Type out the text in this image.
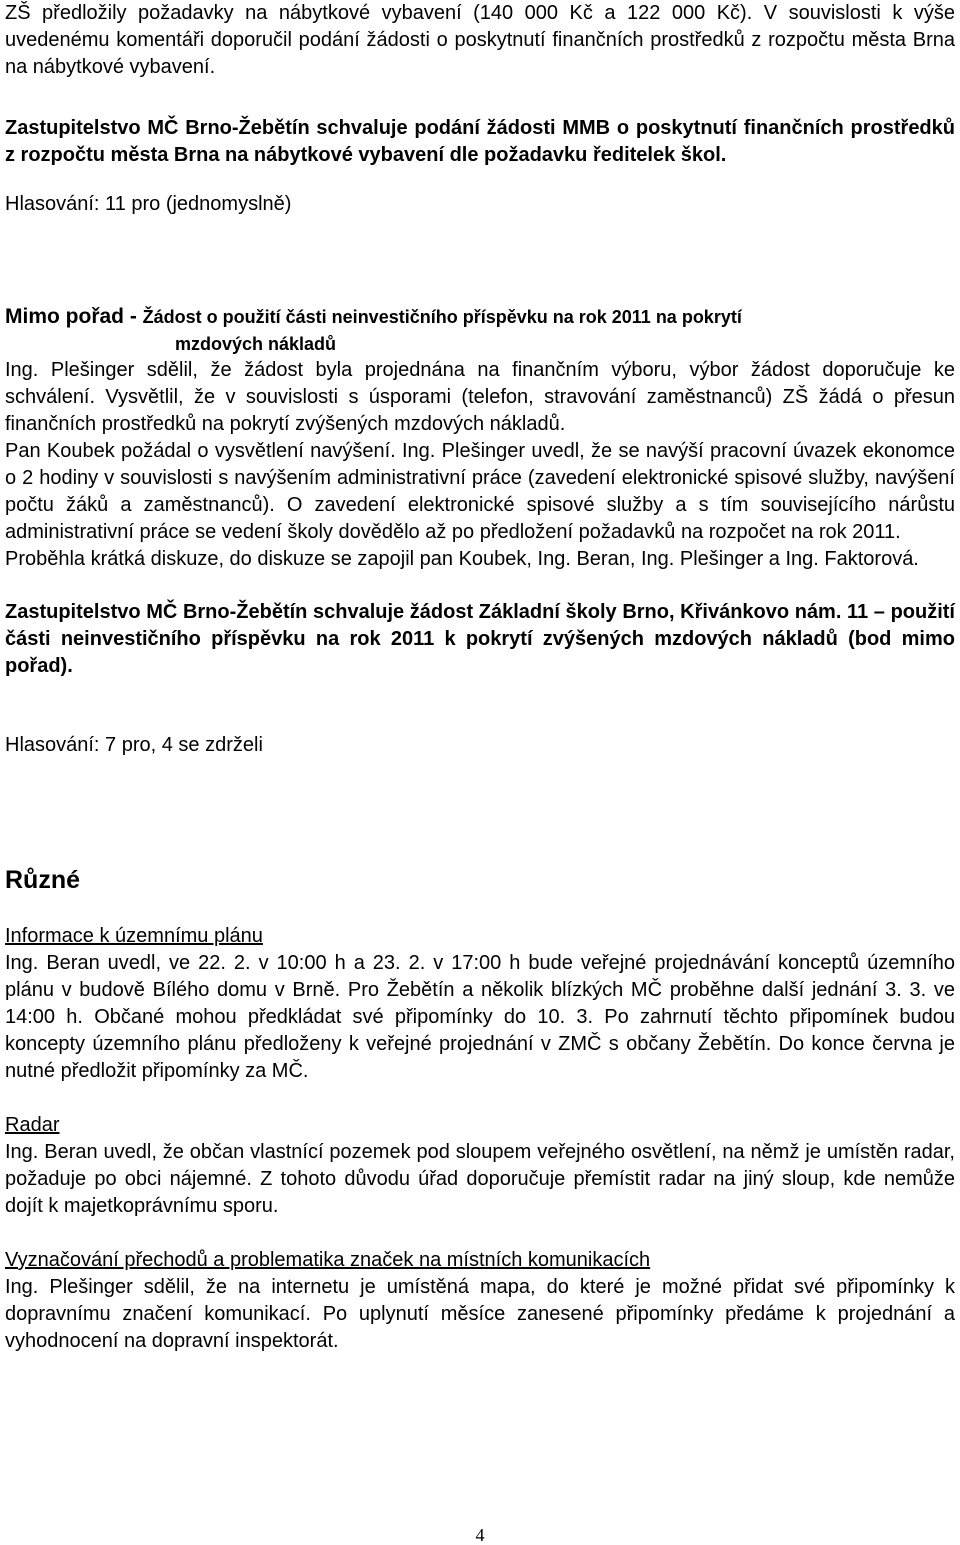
ZŠ předložily požadavky na nábytkové vybavení (140 000 Kč a 122 000 Kč). V souvislosti k výše uvedenému komentáři doporučil podání žádosti o poskytnutí finančních prostředků z rozpočtu města Brna na nábytkové vybavení.

Zastupitelstvo MČ Brno-Žebětín schvaluje podání žádosti MMB o poskytnutí finančních prostředků z rozpočtu města Brna na nábytkové vybavení dle požadavku ředitelek škol.

Hlasování: 11 pro (jednomyslně)

Mimo pořad - Žádost o použití části neinvestičního příspěvku na rok 2011 na pokrytí
mzdových nákladů

Ing. Plešinger sdělil, že žádost byla projednána na finančním výboru, výbor žádost doporučuje ke schválení. Vysvětlil, že v souvislosti s úsporami (telefon, stravování zaměstnanců) ZŠ žádá o přesun finančních prostředků na pokrytí zvýšených mzdových nákladů.

Pan Koubek požádal o vysvětlení navýšení. Ing. Plešinger uvedl, že se navýší pracovní úvazek ekonomce o 2 hodiny v souvislosti s navýšením administrativní práce (zavedení elektronické spisové služby, navýšení počtu žáků a zaměstnanců). O zavedení elektronické spisové služby a s tím souvisejícího nárůstu administrativní práce se vedení školy dovědělo až po předložení požadavků na rozpočet na rok 2011.

Proběhla krátká diskuze, do diskuze se zapojil pan Koubek, Ing. Beran, Ing. Plešinger a Ing. Faktorová.

Zastupitelstvo MČ Brno-Žebětín schvaluje žádost Základní školy Brno, Křivánkovo nám. 11 – použití části neinvestičního příspěvku na rok 2011 k pokrytí zvýšených mzdových nákladů (bod mimo pořad).

Hlasování: 7 pro, 4 se zdrželi

Různé

Informace k územnímu plánu

Ing. Beran uvedl, ve 22. 2. v 10:00 h a 23. 2. v 17:00 h bude veřejné projednávání konceptů územního plánu v budově Bílého domu v Brně. Pro Žebětín a několik blízkých MČ proběhne další jednání 3. 3. ve 14:00 h. Občané mohou předkládat své připomínky do 10. 3. Po zahrnutí těchto připomínek budou koncepty územního plánu předloženy k veřejné projednání v ZMČ s občany Žebětín. Do konce června je nutné předložit připomínky za MČ.

Radar

Ing. Beran uvedl, že občan vlastnící pozemek pod sloupem veřejného osvětlení, na němž je umístěn radar, požaduje po obci nájemné. Z tohoto důvodu úřad doporučuje přemístit radar na jiný sloup, kde nemůže dojít k majetkoprávnímu sporu.

Vyznačování přechodů a problematika značek na místních komunikacích

Ing. Plešinger sdělil, že na internetu je umístěná mapa, do které je možné přidat své připomínky k dopravnímu značení komunikací. Po uplynutí měsíce zanesené připomínky předáme k projednání a vyhodnocení na dopravní inspektorát.

4
